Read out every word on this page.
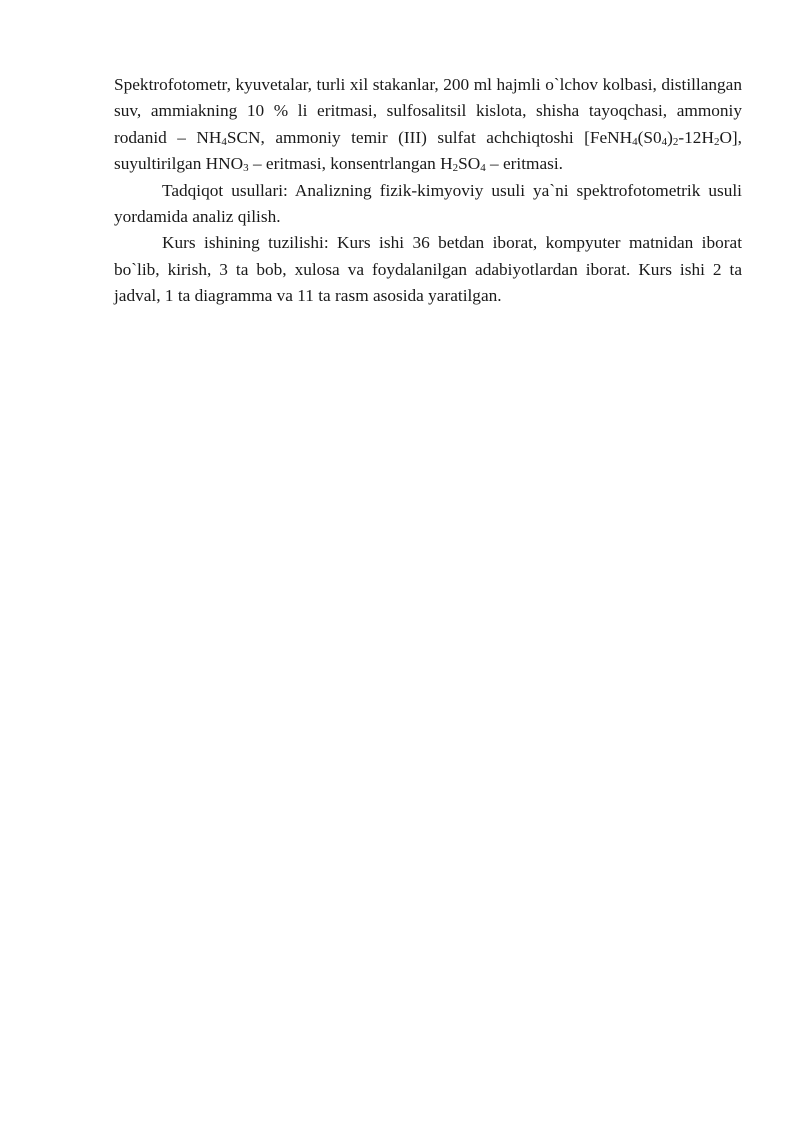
Spektrofotometr, kyuvetalar, turli xil stakanlar, 200 ml hajmli o`lchov kolbasi, distillangan suv, ammiakning 10 % li eritmasi, sulfosalitsil kislota, shisha tayoqchasi, ammoniy rodanid – $NH_4SCN$, ammoniy temir (III) sulfat achchiqtoshi $[FeNH_4(S0_4)_2-12H_2O]$, suyultirilgan $HNO_3$ – eritmasi, konsentrlangan $H_2SO_4$ – eritmasi.

Tadqiqot usullari: Analizning fizik-kimyoviy usuli ya`ni spektrofotometrik usuli yordamida analiz qilish.

Kurs ishining tuzilishi: Kurs ishi 36 betdan iborat, kompyuter matnidan iborat bo`lib, kirish, 3 ta bob, xulosa va foydalanilgan adabiyotlardan iborat. Kurs ishi 2 ta jadval, 1 ta diagramma va 11 ta rasm asosida yaratilgan.
